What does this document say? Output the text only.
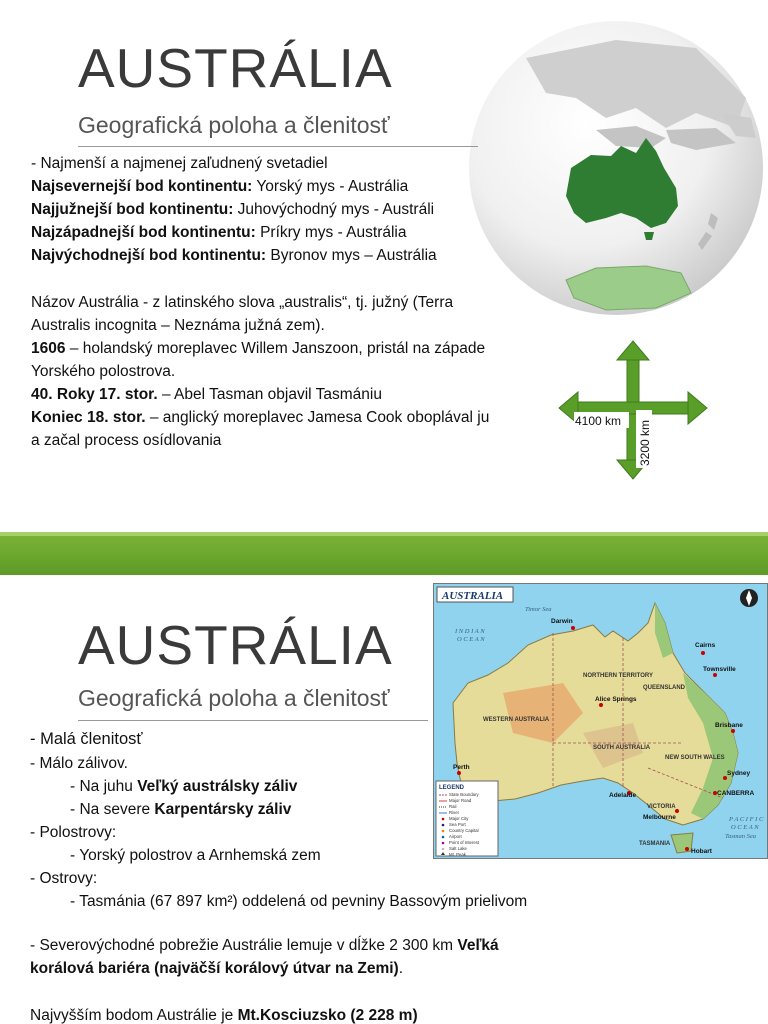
AUSTRÁLIA
Geografická poloha a členitosť
- Najmenší a najmenej zaľudnený svetadiel
Najsevernejší bod kontinentu: Yorský mys - Austrália
Najjužnejší bod kontinentu: Juhovýchodný mys - Austráli
Najzápadnejší bod kontinentu: Príkry mys - Austrália
Najvýchodnejší bod kontinentu: Byronov mys – Austrália
Názov Austrália - z latinského slova „australis“, tj. južný (Terra
Australis incognita – Neznáma južná zem).
1606 – holandský moreplavec Willem Janszoon, pristál na západe
Yorského polostrova.
40. Roky 17. stor. – Abel Tasman objavil Tasmániu
Koniec 18. stor. – anglický moreplavec Jamesa Cook oboplával ju
a začal process osídlovania
4100 km 3200 km
AUSTRÁLIA
Geografická poloha a členitosť
AUSTRALIA
I N D I A N
O C E A N
Timor Sea
P A C I F I C
O C E A N
Tasman Sea
NORTHERN TERRITORY
QUEENSLAND
WESTERN AUSTRALIA
SOUTH AUSTRALIA
NEW SOUTH WALES
VICTORIA
TASMANIA
Darwin
Cairns
Townsville
Alice Springs
Brisbane
Perth
Adelaide
Sydney
CANBERRA
Melbourne
Hobart
LEGEND
State Boundary
Major Road
Rail
River
Major City
Sea Port
Country Capital
Airport
Point of Interest
Salt Lake
Mt. Peak
- Malá členitosť
- Málo zálivov.
- Na juhu Veľký austrálsky záliv
- Na severe Karpentársky záliv
- Polostrovy:
- Yorský polostrov a Arnhemská zem
- Ostrovy:
- Tasmánia (67 897 km²) oddelená od pevniny Bassovým prielivom
- Severovýchodné pobrežie Austrálie lemuje v dĺžke 2 300 km Veľká
korálová bariéra (najväčší korálový útvar na Zemi).
Najvyšším bodom Austrálie je Mt.Kosciuzsko (2 228 m)
